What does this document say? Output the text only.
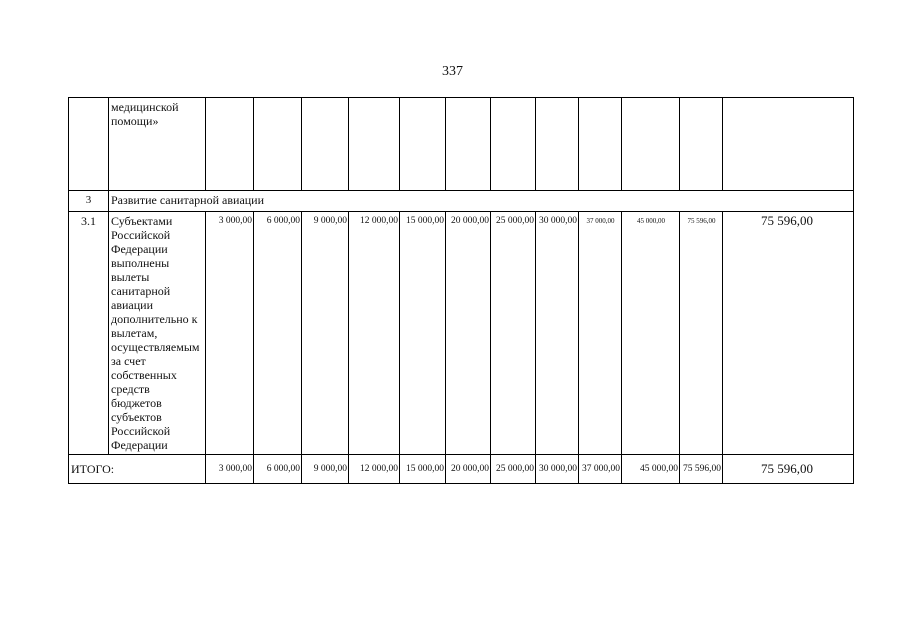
337
	медицинской помощи»												
3	Развитие санитарной авиации												
3.1	Субъектами Российской Федерации выполнены вылеты санитарной авиации дополнительно к вылетам, осуществляемым за счет собственных средств бюджетов субъектов Российской Федерации	3 000,00	6 000,00	9 000,00	12 000,00	15 000,00	20 000,00	25 000,00	30 000,00	37 000,00	45 000,00	75 596,00	75 596,00
ИТОГО:		3 000,00	6 000,00	9 000,00	12 000,00	15 000,00	20 000,00	25 000,00	30 000,00	37 000,00	45 000,00	75 596,00	75 596,00
